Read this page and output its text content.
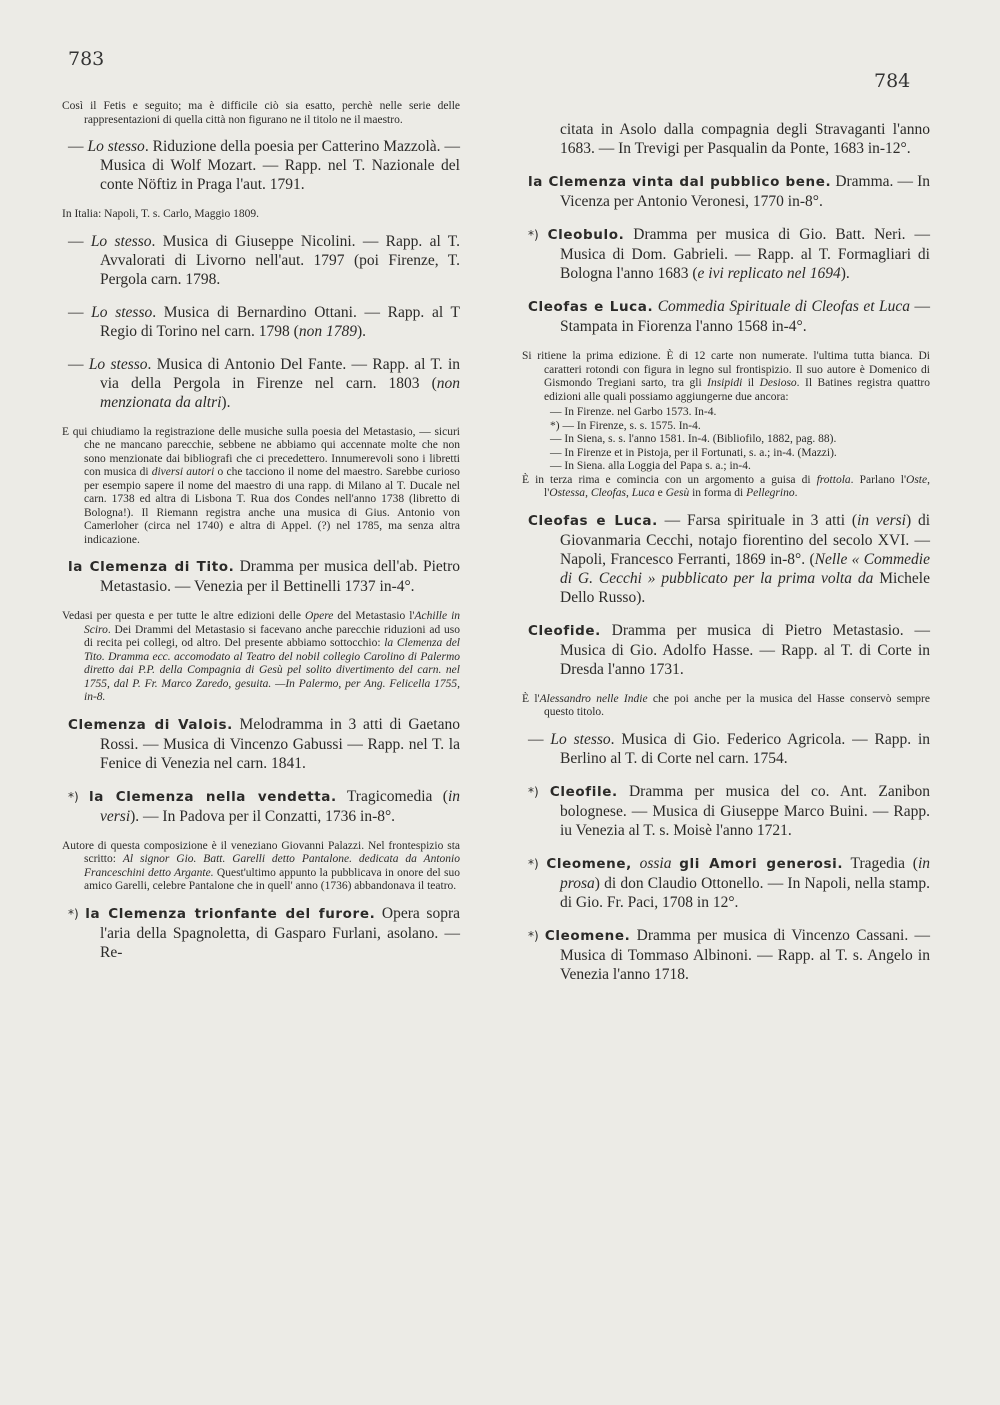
783
784

Così il Fetis e seguito; ma è difficile ciò sia esatto, perchè nelle serie delle rappresentazioni di quella città non figurano ne il titolo ne il maestro.

— Lo stesso. Riduzione della poesia per Catterino Mazzolà. — Musica di Wolf Mozart. — Rapp. nel T. Nazionale del conte Nöftiz in Praga l'aut. 1791.

In Italia: Napoli, T. s. Carlo, Maggio 1809.

— Lo stesso. Musica di Giuseppe Nicolini. — Rapp. al T. Avvalorati di Livorno nell'aut. 1797 (poi Firenze, T. Pergola carn. 1798.

— Lo stesso. Musica di Bernardino Ottani. — Rapp. al T Regio di Torino nel carn. 1798 (non 1789).

— Lo stesso. Musica di Antonio Del Fante. — Rapp. al T. in via della Pergola in Firenze nel carn. 1803 (non menzionata da altri).

E qui chiudiamo la registrazione delle musiche sulla poesia del Metastasio, — sicuri che ne mancano parecchie, sebbene ne abbiamo qui accennate molte che non sono menzionate dai bibliografi che ci precedettero. Innumerevoli sono i libretti con musica di diversi autori o che tacciono il nome del maestro. Sarebbe curioso per esempio sapere il nome del maestro di una rapp. di Milano al T. Ducale nel carn. 1738 ed altra di Lisbona T. Rua dos Condes nell'anno 1738 (libretto di Bologna!). Il Riemann registra anche una musica di Gius. Antonio von Camerloher (circa nel 1740) e altra di Appel. (?) nel 1785, ma senza altra indicazione.

la Clemenza di Tito. Dramma per musica dell'ab. Pietro Metastasio. — Venezia per il Bettinelli 1737 in-4°.

Vedasi per questa e per tutte le altre edizioni delle Opere del Metastasio l'Achille in Sciro. Dei Drammi del Metastasio si facevano anche parecchie riduzioni ad uso di recita pei collegi, od altro. Del presente abbiamo sottocchio: la Clemenza del Tito. Dramma ecc. accomodato al Teatro del nobil collegio Carolino di Palermo diretto dai P.P. della Compagnia di Gesù pel solito divertimento del carn. nel 1755, dal P. Fr. Marco Zaredo, gesuita. —In Palermo, per Ang. Felicella 1755, in-8.

Clemenza di Valois. Melodramma in 3 atti di Gaetano Rossi. — Musica di Vincenzo Gabussi — Rapp. nel T. la Fenice di Venezia nel carn. 1841.

*) la Clemenza nella vendetta. Tragicomedia (in versi). — In Padova per il Conzatti, 1736 in-8°.

Autore di questa composizione è il veneziano Giovanni Palazzi. Nel frontespizio sta scritto: Al signor Gio. Batt. Garelli detto Pantalone. dedicata da Antonio Franceschini detto Argante. Quest'ultimo appunto la pubblicava in onore del suo amico Garelli, celebre Pantalone che in quell' anno (1736) abbandonava il teatro.

*) la Clemenza trionfante del furore. Opera sopra l'aria della Spagnoletta, di Gasparo Furlani, asolano. — Re-

citata in Asolo dalla compagnia degli Stravaganti l'anno 1683. — In Trevigi per Pasqualin da Ponte, 1683 in-12°.

la Clemenza vinta dal pubblico bene. Dramma. — In Vicenza per Antonio Veronesi, 1770 in-8°.

*) Cleobulo. Dramma per musica di Gio. Batt. Neri. — Musica di Dom. Gabrieli. — Rapp. al T. Formagliari di Bologna l'anno 1683 (e ivi replicato nel 1694).

Cleofas e Luca. Commedia Spirituale di Cleofas et Luca — Stampata in Fiorenza l'anno 1568 in-4°.

Si ritiene la prima edizione. È di 12 carte non numerate. l'ultima tutta bianca. Di caratteri rotondi con figura in legno sul frontispizio. Il suo autore è Domenico di Gismondo Tregiani sarto, tra gli Insipidi il Desioso. Il Batines registra quattro edizioni alle quali possiamo aggiungerne due ancora:

— In Firenze. nel Garbo 1573. In-4.
*) — In Firenze, s. s. 1575. In-4.
— In Siena, s. s. l'anno 1581. In-4. (Bibliofilo, 1882, pag. 88).
— In Firenze et in Pistoja, per il Fortunati, s. a.; in-4. (Mazzi).
— In Siena. alla Loggia del Papa s. a.; in-4.

È in terza rima e comincia con un argomento a guisa di frottola. Parlano l'Oste, l'Ostessa, Cleofas, Luca e Gesù in forma di Pellegrino.

Cleofas e Luca. — Farsa spirituale in 3 atti (in versi) di Giovanmaria Cecchi, notajo fiorentino del secolo XVI. — Napoli, Francesco Ferranti, 1869 in-8°. (Nelle « Commedie di G. Cecchi » pubblicato per la prima volta da Michele Dello Russo).

Cleofide. Dramma per musica di Pietro Metastasio. — Musica di Gio. Adolfo Hasse. — Rapp. al T. di Corte in Dresda l'anno 1731.

È l'Alessandro nelle Indie che poi anche per la musica del Hasse conservò sempre questo titolo.

— Lo stesso. Musica di Gio. Federico Agricola. — Rapp. in Berlino al T. di Corte nel carn. 1754.

*) Cleofile. Dramma per musica del co. Ant. Zanibon bolognese. — Musica di Giuseppe Marco Buini. — Rapp. iu Venezia al T. s. Moisè l'anno 1721.

*) Cleomene, ossia gli Amori generosi. Tragedia (in prosa) di don Claudio Ottonello. — In Napoli, nella stamp. di Gio. Fr. Paci, 1708 in 12°.

*) Cleomene. Dramma per musica di Vincenzo Cassani. — Musica di Tommaso Albinoni. — Rapp. al T. s. Angelo in Venezia l'anno 1718.
